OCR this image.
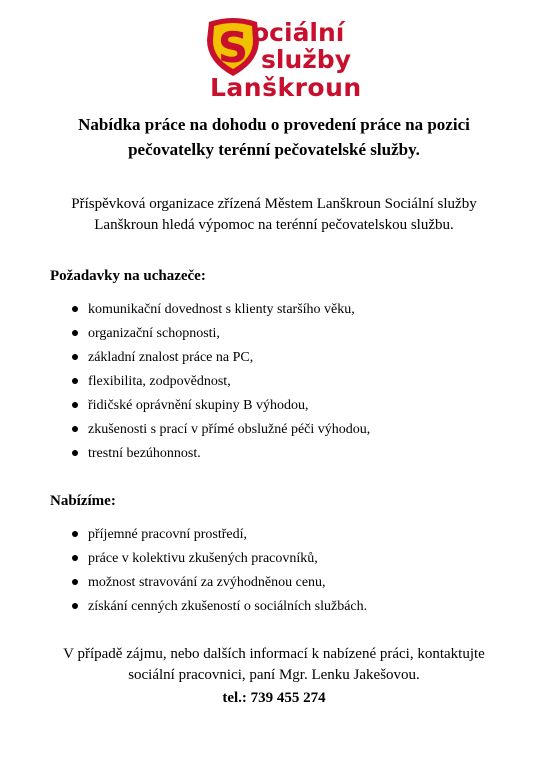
S ociální
služby
Lanškroun

Nabídka práce na dohodu o provedení práce na pozici pečovatelky terénní pečovatelské služby.

Příspěvková organizace zřízená Městem Lanškroun Sociální služby Lanškroun hledá výpomoc na terénní pečovatelskou službu.

Požadavky na uchazeče:

komunikační dovednost s klienty staršího věku,
organizační schopnosti,
základní znalost práce na PC,
flexibilita, zodpovědnost,
řidičské oprávnění skupiny B výhodou,
zkušenosti s prací v přímé obslužné péči výhodou,
trestní bezúhonnost.

Nabízíme:

příjemné pracovní prostředí,
práce v kolektivu zkušených pracovníků,
možnost stravování za zvýhodněnou cenu,
získání cenných zkušeností o sociálních službách.

V případě zájmu, nebo dalších informací k nabízené práci, kontaktujte sociální pracovnici, paní Mgr. Lenku Jakešovou.

tel.: 739 455 274
